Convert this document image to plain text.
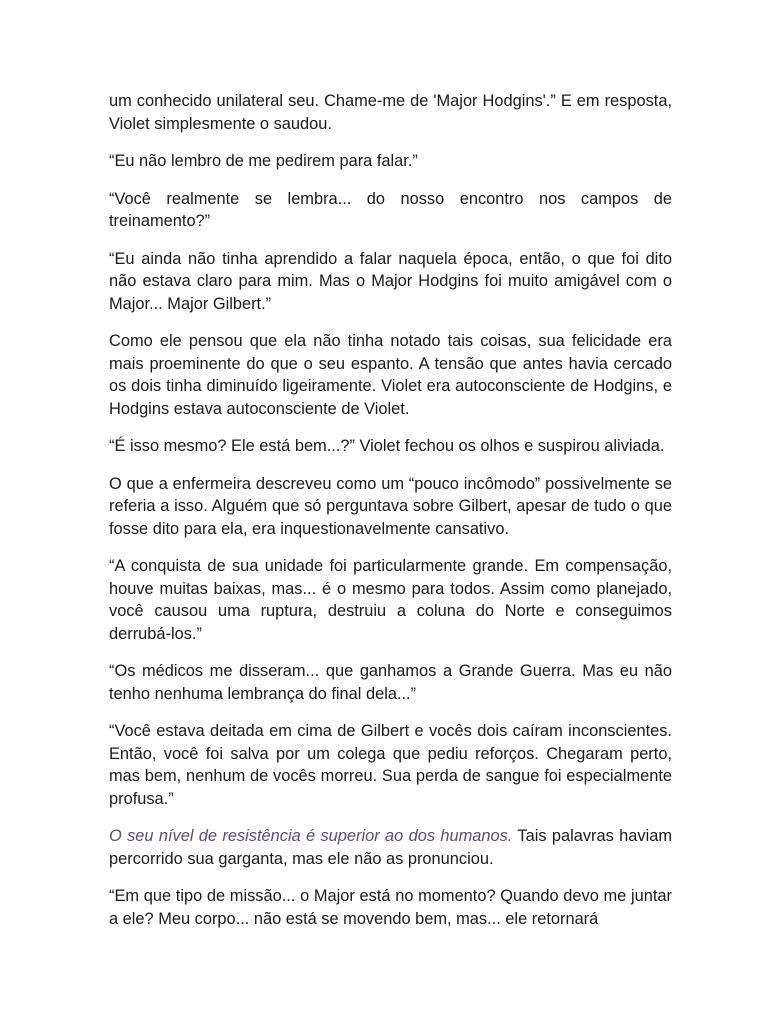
um conhecido unilateral seu. Chame-me de 'Major Hodgins'.” E em resposta, Violet simplesmente o saudou.

“Eu não lembro de me pedirem para falar.”

“Você realmente se lembra... do nosso encontro nos campos de treinamento?”

“Eu ainda não tinha aprendido a falar naquela época, então, o que foi dito não estava claro para mim. Mas o Major Hodgins foi muito amigável com o Major... Major Gilbert.”

Como ele pensou que ela não tinha notado tais coisas, sua felicidade era mais proeminente do que o seu espanto. A tensão que antes havia cercado os dois tinha diminuído ligeiramente. Violet era autoconsciente de Hodgins, e Hodgins estava autoconsciente de Violet.

“É isso mesmo? Ele está bem...?” Violet fechou os olhos e suspirou aliviada.

O que a enfermeira descreveu como um “pouco incômodo” possivelmente se referia a isso. Alguém que só perguntava sobre Gilbert, apesar de tudo o que fosse dito para ela, era inquestionavelmente cansativo.

“A conquista de sua unidade foi particularmente grande. Em compensação, houve muitas baixas, mas... é o mesmo para todos. Assim como planejado, você causou uma ruptura, destruiu a coluna do Norte e conseguimos derrubá-los.”

“Os médicos me disseram... que ganhamos a Grande Guerra. Mas eu não tenho nenhuma lembrança do final dela...”

“Você estava deitada em cima de Gilbert e vocês dois caíram inconscientes. Então, você foi salva por um colega que pediu reforços. Chegaram perto, mas bem, nenhum de vocês morreu. Sua perda de sangue foi especialmente profusa.”

O seu nível de resistência é superior ao dos humanos. Tais palavras haviam percorrido sua garganta, mas ele não as pronunciou.

“Em que tipo de missão... o Major está no momento? Quando devo me juntar a ele? Meu corpo... não está se movendo bem, mas... ele retornará
